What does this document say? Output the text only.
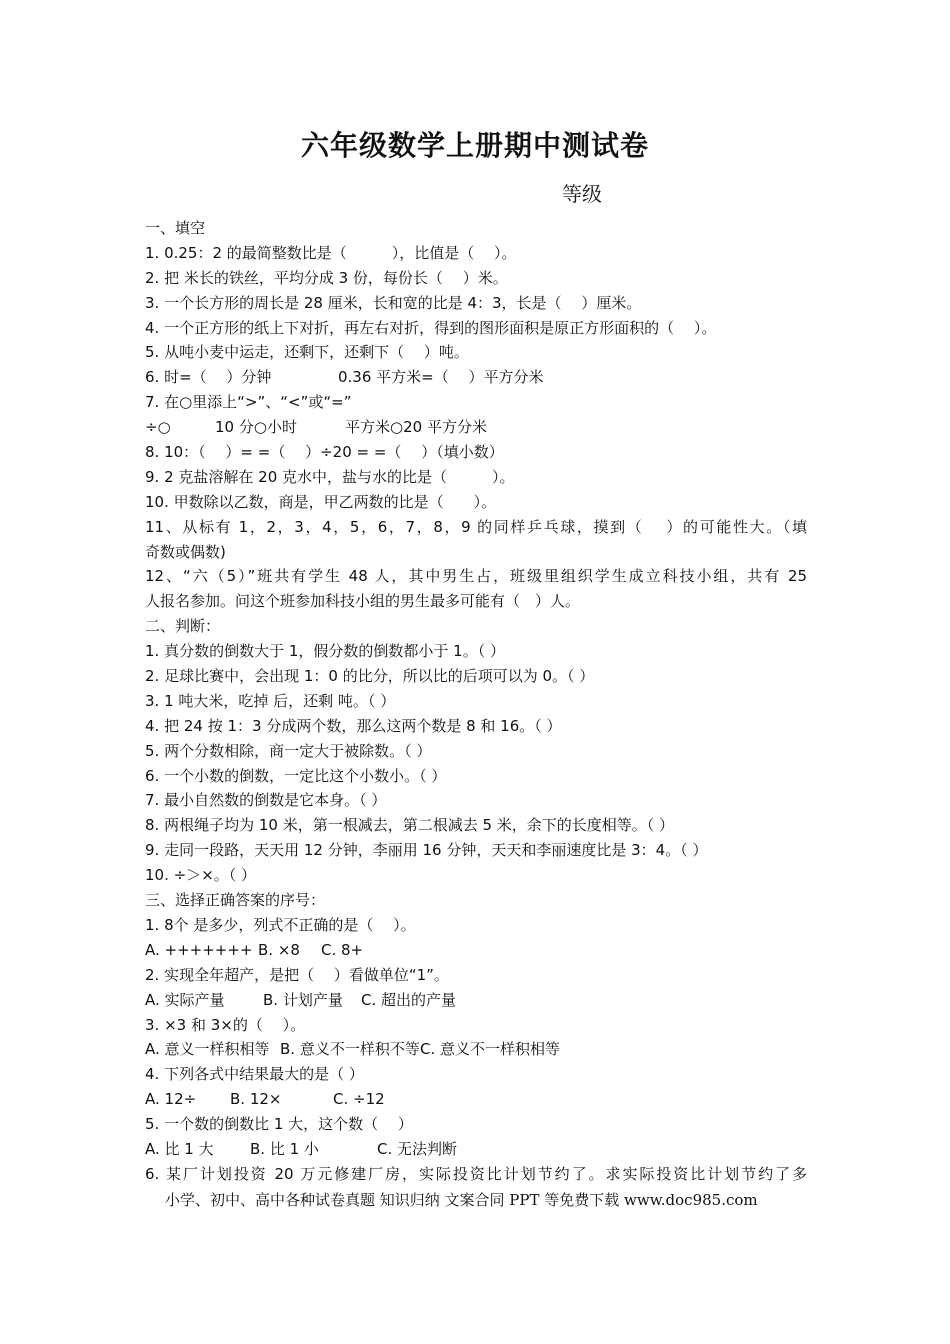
六年级数学上册期中测试卷
等级
一、填空
1. 0.25：2 的最简整数比是（　　　），比值是（　 ）。
2. 把 米长的铁丝，平均分成 3 份，每份长（　 ）米。
3. 一个长方形的周长是 28 厘米，长和宽的比是 4：3，长是（　 ）厘米。
4. 一个正方形的纸上下对折，再左右对折，得到的图形面积是原正方形面积的（　 ）。
5. 从吨小麦中运走，还剩下，还剩下（　 ）吨。
6. 时=（　 ）分钟	0.36 平方米=（　 ）平方分米
7. 在○里添上“>”、“<”或“=”
÷○	10 分○小时	平方米○20 平方分米
8. 10：（　 ）= =（　 ）÷20 = =（　 ）（填小数）
9. 2 克盐溶解在 20 克水中，盐与水的比是（　　　）。
10. 甲数除以乙数，商是，甲乙两数的比是（　　）。
11、从标有 1，2，3，4，5，6，7，8，9 的同样乒乓球，摸到（　 ）的可能性大。（填
奇数或偶数)
12、“六（5）”班共有学生 48 人，其中男生占，班级里组织学生成立科技小组，共有 25
人报名参加。问这个班参加科技小组的男生最多可能有（　）人。
二、判断：
1. 真分数的倒数大于 1，假分数的倒数都小于 1。（ ）
2. 足球比赛中，会出现 1：0 的比分，所以比的后项可以为 0。（ ）
3. 1 吨大米，吃掉 后，还剩 吨。（ ）
4. 把 24 按 1：3 分成两个数，那么这两个数是 8 和 16。（ ）
5. 两个分数相除，商一定大于被除数。（ ）
6. 一个小数的倒数，一定比这个小数小。（ ）
7. 最小自然数的倒数是它本身。（ ）
8. 两根绳子均为 10 米，第一根减去，第二根减去 5 米，余下的长度相等。（ ）
9. 走同一段路，天天用 12 分钟，李丽用 16 分钟，天天和李丽速度比是 3：4。（ ）
10. ÷＞×。（ ）
三、选择正确答案的序号：
1. 8个 是多少，列式不正确的是（　 ）。
A. +++++++ B. ×8 C. 8+
2. 实现全年超产，是把（　 ）看做单位“1”。
A. 实际产量	B. 计划产量 C. 超出的产量
3. ×3 和 3×的（　 ）。
A. 意义一样积相等 B. 意义不一样积不等 C. 意义不一样积相等
4. 下列各式中结果最大的是（ ）
A. 12÷ B. 12×	C. ÷12
5. 一个数的倒数比 1 大，这个数（　 ）
A. 比 1 大 B. 比 1 小	C. 无法判断
6. 某厂计划投资 20 万元修建厂房，实际投资比计划节约了。求实际投资比计划节约了多
小学、初中、高中各种试卷真题 知识归纳 文案合同 PPT 等免费下载 www.doc985.com
